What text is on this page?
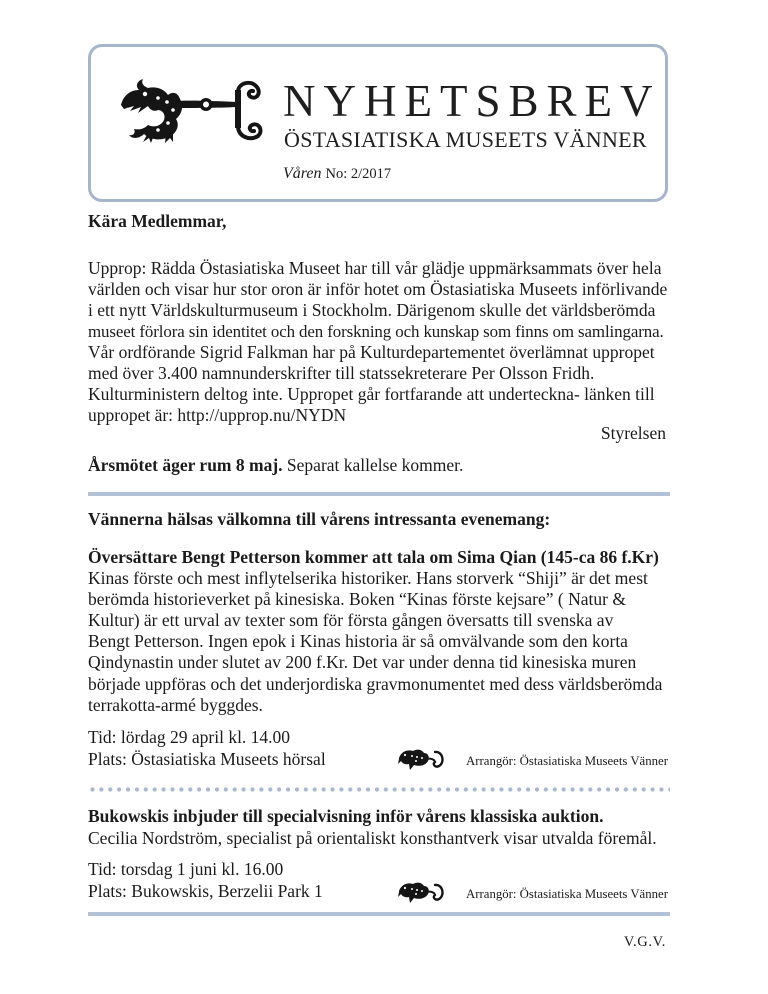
NYHETSBREV
ÖSTASIATISKA MUSEETS VÄNNER
Våren No: 2/2017
Kära Medlemmar,
Upprop: Rädda Östasiatiska Museet har till vår glädje uppmärksammats över hela
världen och visar hur stor oron är inför hotet om Östasiatiska Museets införlivande
i ett nytt Världskulturmuseum i Stockholm. Därigenom skulle det världsberömda
museet förlora sin identitet och den forskning och kunskap som finns om samlingarna.
Vår ordförande Sigrid Falkman har på Kulturdepartementet överlämnat uppropet
med över 3.400 namnunderskrifter till statssekreterare Per Olsson Fridh.
Kulturministern deltog inte. Uppropet går fortfarande att underteckna- länken till
uppropet är: http://upprop.nu/NYDN
Styrelsen
Årsmötet äger rum 8 maj. Separat kallelse kommer.
Vännerna hälsas välkomna till vårens intressanta evenemang:
Översättare Bengt Petterson kommer att tala om Sima Qian (145-ca 86 f.Kr)
Kinas förste och mest inflytelserika historiker. Hans storverk “Shiji” är det mest
berömda historieverket på kinesiska. Boken “Kinas förste kejsare” ( Natur &
Kultur) är ett urval av texter som för första gången översatts till svenska av
Bengt Petterson. Ingen epok i Kinas historia är så omvälvande som den korta
Qindynastin under slutet av 200 f.Kr. Det var under denna tid kinesiska muren
började uppföras och det underjordiska gravmonumentet med dess världsberömda
terrakotta-armé byggdes.
Tid: lördag 29 april kl. 14.00
Plats: Östasiatiska Museets hörsal	Arrangör: Östasiatiska Museets Vänner
Bukowskis inbjuder till specialvisning inför vårens klassiska auktion.
Cecilia Nordström, specialist på orientaliskt konsthantverk visar utvalda föremål.
Tid: torsdag 1 juni kl. 16.00
Plats: Bukowskis, Berzelii Park 1	Arrangör: Östasiatiska Museets Vänner
V.G.V.
